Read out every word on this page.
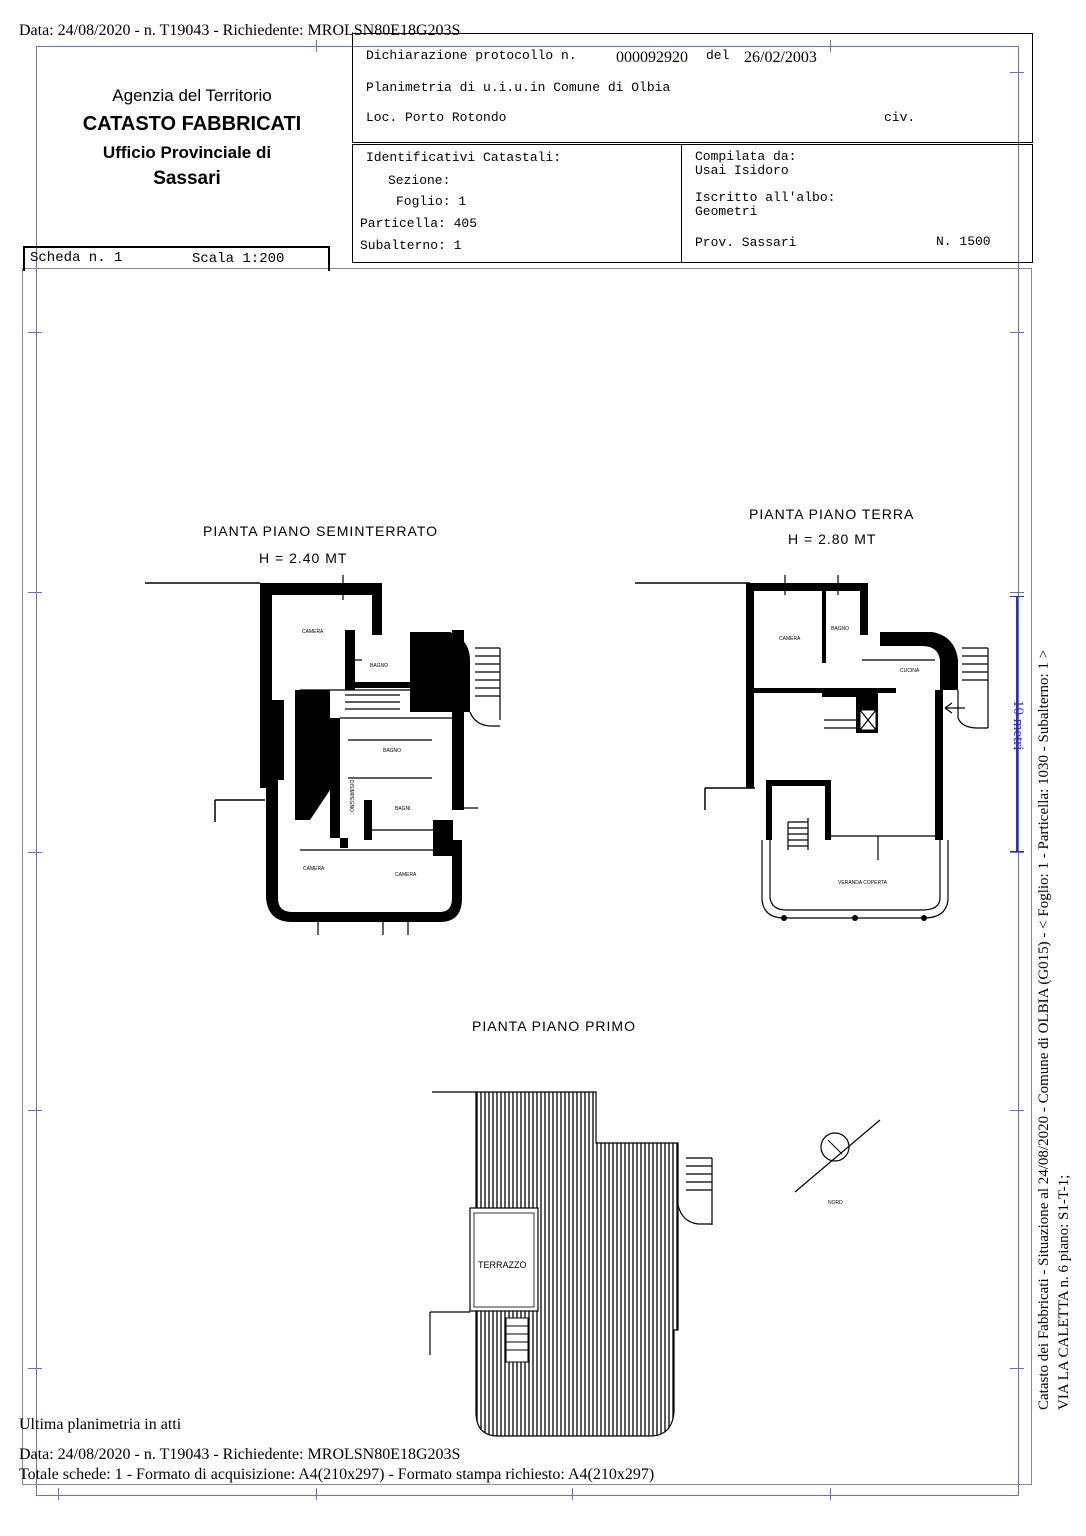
Data: 24/08/2020 - n. T19043 - Richiedente: MROLSN80E18G203S
Agenzia del Territorio
CATASTO FABBRICATI
Ufficio Provinciale di
Sassari
Scheda n. 1	Scala 1:200
Dichiarazione protocollo n. 000092920 del 26/02/2003
Planimetria di u.i.u.in Comune di Olbia
Loc. Porto Rotondo	civ.
Identificativi Catastali:
Sezione:
Foglio: 1
Particella: 405
Subalterno: 1
Compilata da:
Usai Isidoro
Iscritto all'albo:
Geometri
Prov. Sassari	N. 1500
PIANTA PIANO SEMINTERRATO
H = 2.40 MT
PIANTA PIANO TERRA
H = 2.80 MT
PIANTA PIANO PRIMO
CAMERA
BAGNO
BAGNO
BAGNI
CAMERA
CAMERA
DISIMPEGNO
DISIMPEGNO
CAMERA
BAGNO
CUCINA
VERANDA COPERTA
TERRAZZO
NORD
10 metri Catasto dei Fabbricati - Situazione al 24/08/2020 - Comune di OLBIA (G015) - < Foglio: 1 - Particella: 1030 - Subalterno: 1 > VIA LA CALETTA n. 6 piano: S1-T-1;
Ultima planimetria in atti
Data: 24/08/2020 - n. T19043 - Richiedente: MROLSN80E18G203S
Totale schede: 1 - Formato di acquisizione: A4(210x297) - Formato stampa richiesto: A4(210x297)
